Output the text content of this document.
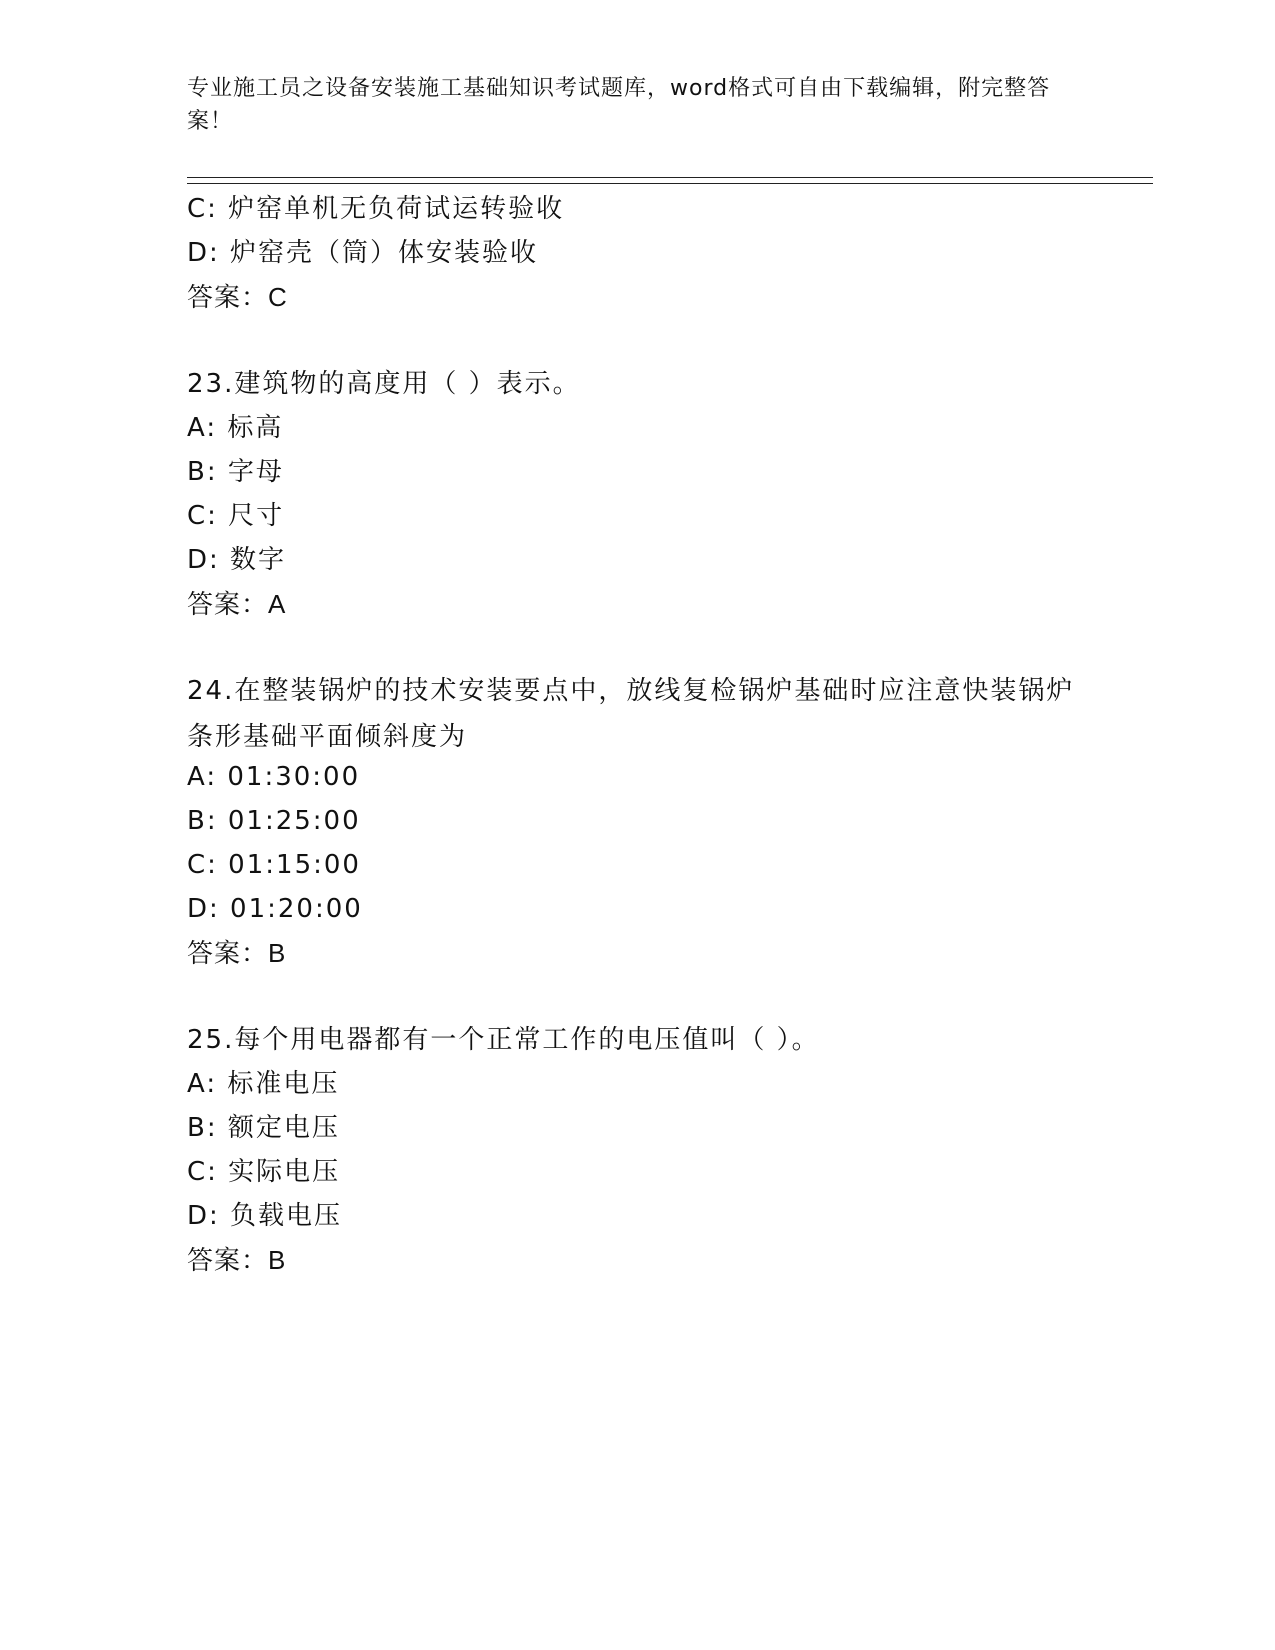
专业施工员之设备安装施工基础知识考试题库，word格式可自由下载编辑，附完整答案！

C: 炉窑单机无负荷试运转验收

D: 炉窑壳（筒）体安装验收

答案：C

23.建筑物的高度用（ ）表示。

A: 标高

B: 字母

C: 尺寸

D: 数字

答案：A

24.在整装锅炉的技术安装要点中，放线复检锅炉基础时应注意快装锅炉条形基础平面倾斜度为

A: 01:30:00

B: 01:25:00

C: 01:15:00

D: 01:20:00

答案：B

25.每个用电器都有一个正常工作的电压值叫（ ）。

A: 标准电压

B: 额定电压

C: 实际电压

D: 负载电压

答案：B
